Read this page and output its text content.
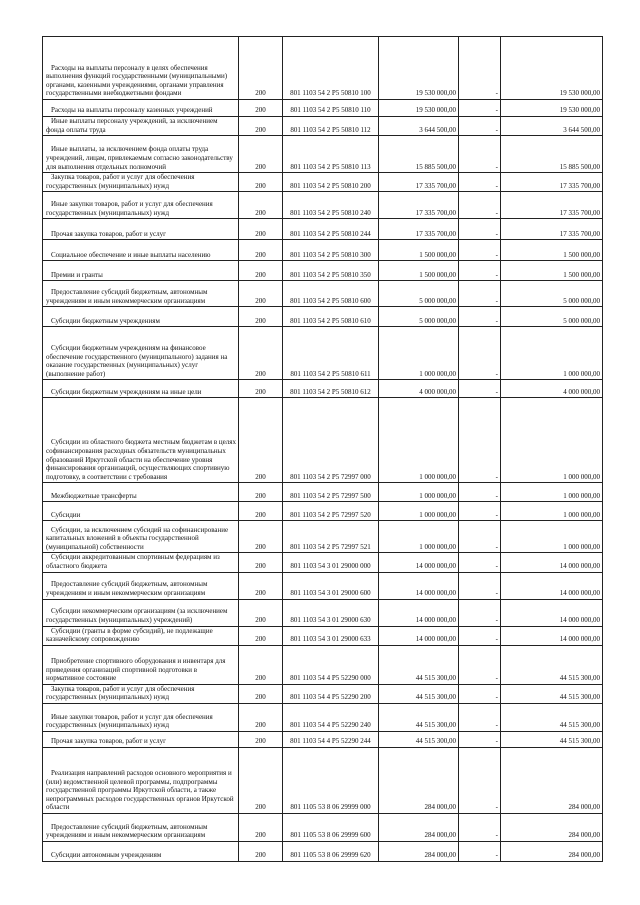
Расходы на выплаты персоналу в целях обеспечения выполнения функций государственными (муниципальными) органами, казенными учреждениями, органами управления государственными внебюджетными фондами	200	801 1103 54 2 P5 50810 100	19 530 000,00	-	19 530 000,00

Расходы на выплаты персоналу казенных учреждений	200	801 1103 54 2 P5 50810 110	19 530 000,00	-	19 530 000,00

Иные выплаты персоналу учреждений, за исключением фонда оплаты труда	200	801 1103 54 2 P5 50810 112	3 644 500,00	-	3 644 500,00

Иные выплаты, за исключением фонда оплаты труда учреждений, лицам, привлекаемым согласно законодательству для выполнения отдельных полномочий	200	801 1103 54 2 P5 50810 113	15 885 500,00	-	15 885 500,00

Закупка товаров, работ и услуг для обеспечения государственных (муниципальных) нужд	200	801 1103 54 2 P5 50810 200	17 335 700,00	-	17 335 700,00

Иные закупки товаров, работ и услуг для обеспечения государственных (муниципальных) нужд	200	801 1103 54 2 P5 50810 240	17 335 700,00	-	17 335 700,00

Прочая закупка товаров, работ и услуг	200	801 1103 54 2 P5 50810 244	17 335 700,00	-	17 335 700,00

Социальное обеспечение и иные выплаты населению	200	801 1103 54 2 P5 50810 300	1 500 000,00	-	1 500 000,00

Премии и гранты	200	801 1103 54 2 P5 50810 350	1 500 000,00	-	1 500 000,00

Предоставление субсидий бюджетным, автономным учреждениям и иным некоммерческим организациям	200	801 1103 54 2 P5 50810 600	5 000 000,00	-	5 000 000,00

Субсидии бюджетным учреждениям	200	801 1103 54 2 P5 50810 610	5 000 000,00	-	5 000 000,00

Субсидии бюджетным учреждениям на финансовое обеспечение государственного (муниципального) задания на оказание государственных (муниципальных) услуг (выполнение работ)	200	801 1103 54 2 P5 50810 611	1 000 000,00	-	1 000 000,00

Субсидии бюджетным учреждениям на иные цели	200	801 1103 54 2 P5 50810 612	4 000 000,00	-	4 000 000,00

Субсидии из областного бюджета местным бюджетам в целях софинансирования расходных обязательств муниципальных образований Иркутской области на обеспечение уровня финансирования организаций, осуществляющих спортивную подготовку, в соответствии с требования	200	801 1103 54 2 P5 72997 000	1 000 000,00	-	1 000 000,00

Межбюджетные трансферты	200	801 1103 54 2 P5 72997 500	1 000 000,00	-	1 000 000,00

Субсидии	200	801 1103 54 2 P5 72997 520	1 000 000,00	-	1 000 000,00

Субсидии, за исключением субсидий на софинансирование капитальных вложений в объекты государственной (муниципальной) собственности	200	801 1103 54 2 P5 72997 521	1 000 000,00	-	1 000 000,00

Субсидии аккредитованным спортивным федерациям из областного бюджета	200	801 1103 54 3 01 29000 000	14 000 000,00	-	14 000 000,00

Предоставление субсидий бюджетным, автономным учреждениям и иным некоммерческим организациям	200	801 1103 54 3 01 29000 600	14 000 000,00	-	14 000 000,00

Субсидии некоммерческим организациям (за исключением государственных (муниципальных) учреждений)	200	801 1103 54 3 01 29000 630	14 000 000,00	-	14 000 000,00

Субсидии (гранты в форме субсидий), не подлежащие казначейскому сопровождению	200	801 1103 54 3 01 29000 633	14 000 000,00	-	14 000 000,00

Приобретение спортивного оборудования и инвентаря для приведения организаций спортивной подготовки в нормативное состояние	200	801 1103 54 4 P5 52290 000	44 515 300,00	-	44 515 300,00

Закупка товаров, работ и услуг для обеспечения государственных (муниципальных) нужд	200	801 1103 54 4 P5 52290 200	44 515 300,00	-	44 515 300,00

Иные закупки товаров, работ и услуг для обеспечения государственных (муниципальных) нужд	200	801 1103 54 4 P5 52290 240	44 515 300,00	-	44 515 300,00

Прочая закупка товаров, работ и услуг	200	801 1103 54 4 P5 52290 244	44 515 300,00	-	44 515 300,00

Реализация направлений расходов основного мероприятия и (или) ведомственной целевой программы, подпрограммы государственной программы Иркутской области, а также непрограммных расходов государственных органов Иркутской области	200	801 1105 53 8 06 29999 000	284 000,00	-	284 000,00

Предоставление субсидий бюджетным, автономным учреждениям и иным некоммерческим организациям	200	801 1105 53 8 06 29999 600	284 000,00	-	284 000,00

Субсидии автономным учреждениям	200	801 1105 53 8 06 29999 620	284 000,00	-	284 000,00
